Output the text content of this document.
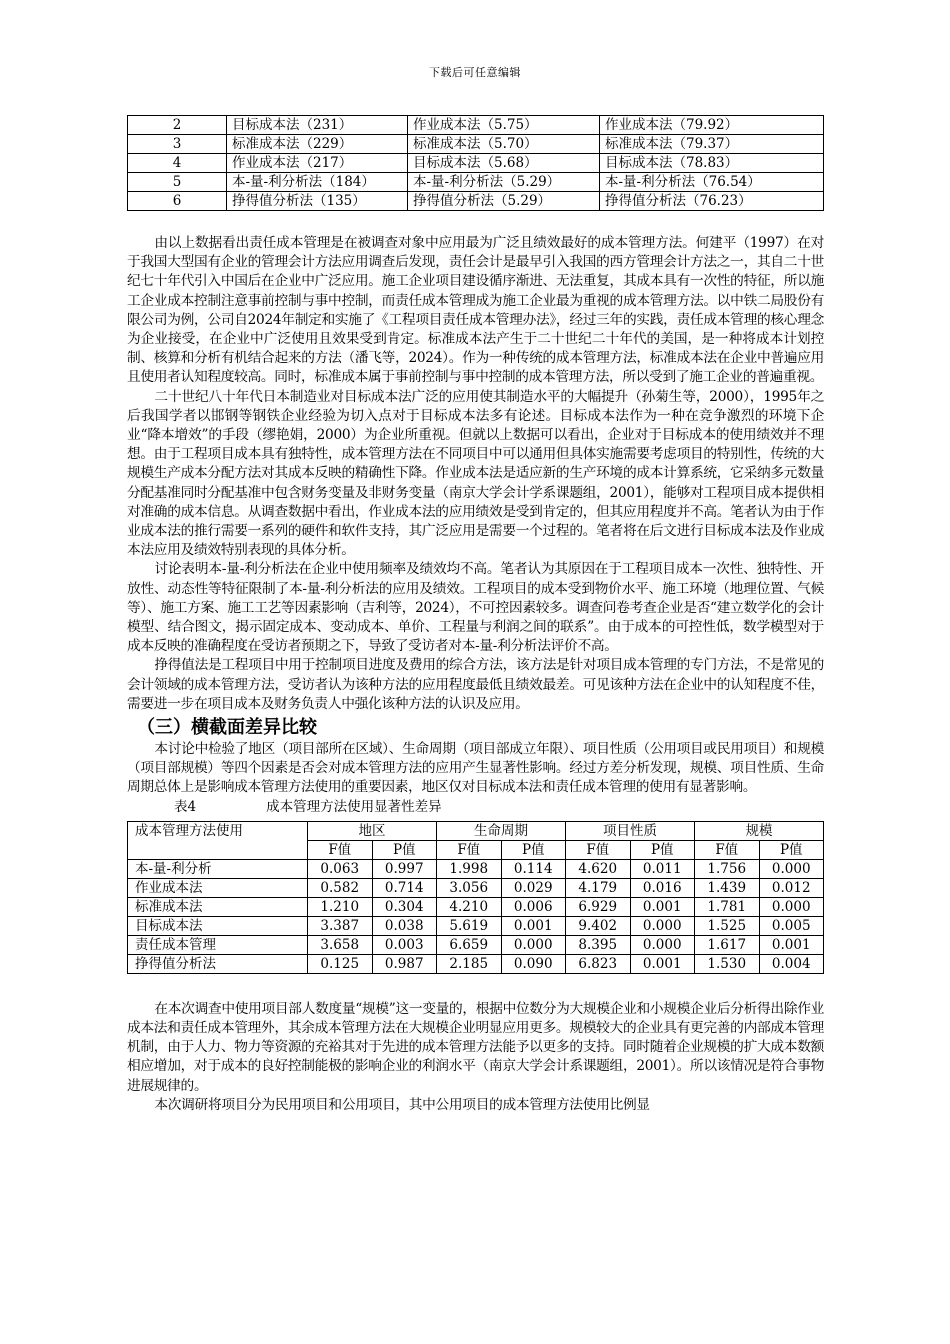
下载后可任意编辑
2	目标成本法（231）	作业成本法（5.75）	作业成本法（79.92）
3	标准成本法（229）	标准成本法（5.70）	标准成本法（79.37）
4	作业成本法（217）	目标成本法（5.68）	目标成本法（78.83）
5	本-量-利分析法（184）	本-量-利分析法（5.29）	本-量-利分析法（76.54）
6	挣得值分析法（135）	挣得值分析法（5.29）	挣得值分析法（76.23）

由以上数据看出责任成本管理是在被调查对象中应用最为广泛且绩效最好的成本管理方法。何建平（1997）在对于我国大型国有企业的管理会计方法应用调查后发现，责任会计是最早引入我国的西方管理会计方法之一，其自二十世纪七十年代引入中国后在企业中广泛应用。施工企业项目建设循序渐进、无法重复，其成本具有一次性的特征，所以施工企业成本控制注意事前控制与事中控制，而责任成本管理成为施工企业最为重视的成本管理方法。以中铁二局股份有限公司为例，公司自2024年制定和实施了《工程项目责任成本管理办法》，经过三年的实践，责任成本管理的核心理念为企业接受，在企业中广泛使用且效果受到肯定。标准成本法产生于二十世纪二十年代的美国，是一种将成本计划控制、核算和分析有机结合起来的方法（潘飞等，2024）。作为一种传统的成本管理方法，标准成本法在企业中普遍应用且使用者认知程度较高。同时，标准成本属于事前控制与事中控制的成本管理方法，所以受到了施工企业的普遍重视。

二十世纪八十年代日本制造业对目标成本法广泛的应用使其制造水平的大幅提升（孙菊生等，2000），1995年之后我国学者以邯钢等钢铁企业经验为切入点对于目标成本法多有论述。目标成本法作为一种在竞争激烈的环境下企业“降本增效”的手段（缪艳娟，2000）为企业所重视。但就以上数据可以看出，企业对于目标成本的使用绩效并不理想。由于工程项目成本具有独特性，成本管理方法在不同项目中可以通用但具体实施需要考虑项目的特别性，传统的大规模生产成本分配方法对其成本反映的精确性下降。作业成本法是适应新的生产环境的成本计算系统，它采纳多元数量分配基准同时分配基准中包含财务变量及非财务变量（南京大学会计学系课题组，2001），能够对工程项目成本提供相对准确的成本信息。从调查数据中看出，作业成本法的应用绩效是受到肯定的，但其应用程度并不高。笔者认为由于作业成本法的推行需要一系列的硬件和软件支持，其广泛应用是需要一个过程的。笔者将在后文进行目标成本法及作业成本法应用及绩效特别表现的具体分析。

讨论表明本-量-利分析法在企业中使用频率及绩效均不高。笔者认为其原因在于工程项目成本一次性、独特性、开放性、动态性等特征限制了本-量-利分析法的应用及绩效。工程项目的成本受到物价水平、施工环境（地理位置、气候等）、施工方案、施工工艺等因素影响（吉利等，2024），不可控因素较多。调查问卷考查企业是否“建立数学化的会计模型、结合图文，揭示固定成本、变动成本、单价、工程量与利润之间的联系”。由于成本的可控性低，数学模型对于成本反映的准确程度在受访者预期之下，导致了受访者对本-量-利分析法评价不高。

挣得值法是工程项目中用于控制项目进度及费用的综合方法，该方法是针对项目成本管理的专门方法，不是常见的会计领域的成本管理方法，受访者认为该种方法的应用程度最低且绩效最差。可见该种方法在企业中的认知程度不佳，需要进一步在项目成本及财务负责人中强化该种方法的认识及应用。

（三）横截面差异比较

本讨论中检验了地区（项目部所在区域）、生命周期（项目部成立年限）、项目性质（公用项目或民用项目）和规模（项目部规模）等四个因素是否会对成本管理方法的应用产生显著性影响。经过方差分析发现，规模、项目性质、生命周期总体上是影响成本管理方法使用的重要因素，地区仅对目标成本法和责任成本管理的使用有显著影响。

表4	成本管理方法使用显著性差异
成本管理方法使用	地区		生命周期		项目性质		规模	
	F值	P值	F值	P值	F值	P值	F值	P值
本-量-利分析	0.063	0.997	1.998	0.114	4.620	0.011	1.756	0.000
作业成本法	0.582	0.714	3.056	0.029	4.179	0.016	1.439	0.012
标准成本法	1.210	0.304	4.210	0.006	6.929	0.001	1.781	0.000
目标成本法	3.387	0.038	5.619	0.001	9.402	0.000	1.525	0.005
责任成本管理	3.658	0.003	6.659	0.000	8.395	0.000	1.617	0.001
挣得值分析法	0.125	0.987	2.185	0.090	6.823	0.001	1.530	0.004

在本次调查中使用项目部人数度量“规模”这一变量的，根据中位数分为大规模企业和小规模企业后分析得出除作业成本法和责任成本管理外，其余成本管理方法在大规模企业明显应用更多。规模较大的企业具有更完善的内部成本管理机制，由于人力、物力等资源的充裕其对于先进的成本管理方法能予以更多的支持。同时随着企业规模的扩大成本数额相应增加，对于成本的良好控制能极的影响企业的利润水平（南京大学会计系课题组，2001）。所以该情况是符合事物进展规律的。

本次调研将项目分为民用项目和公用项目，其中公用项目的成本管理方法使用比例显
